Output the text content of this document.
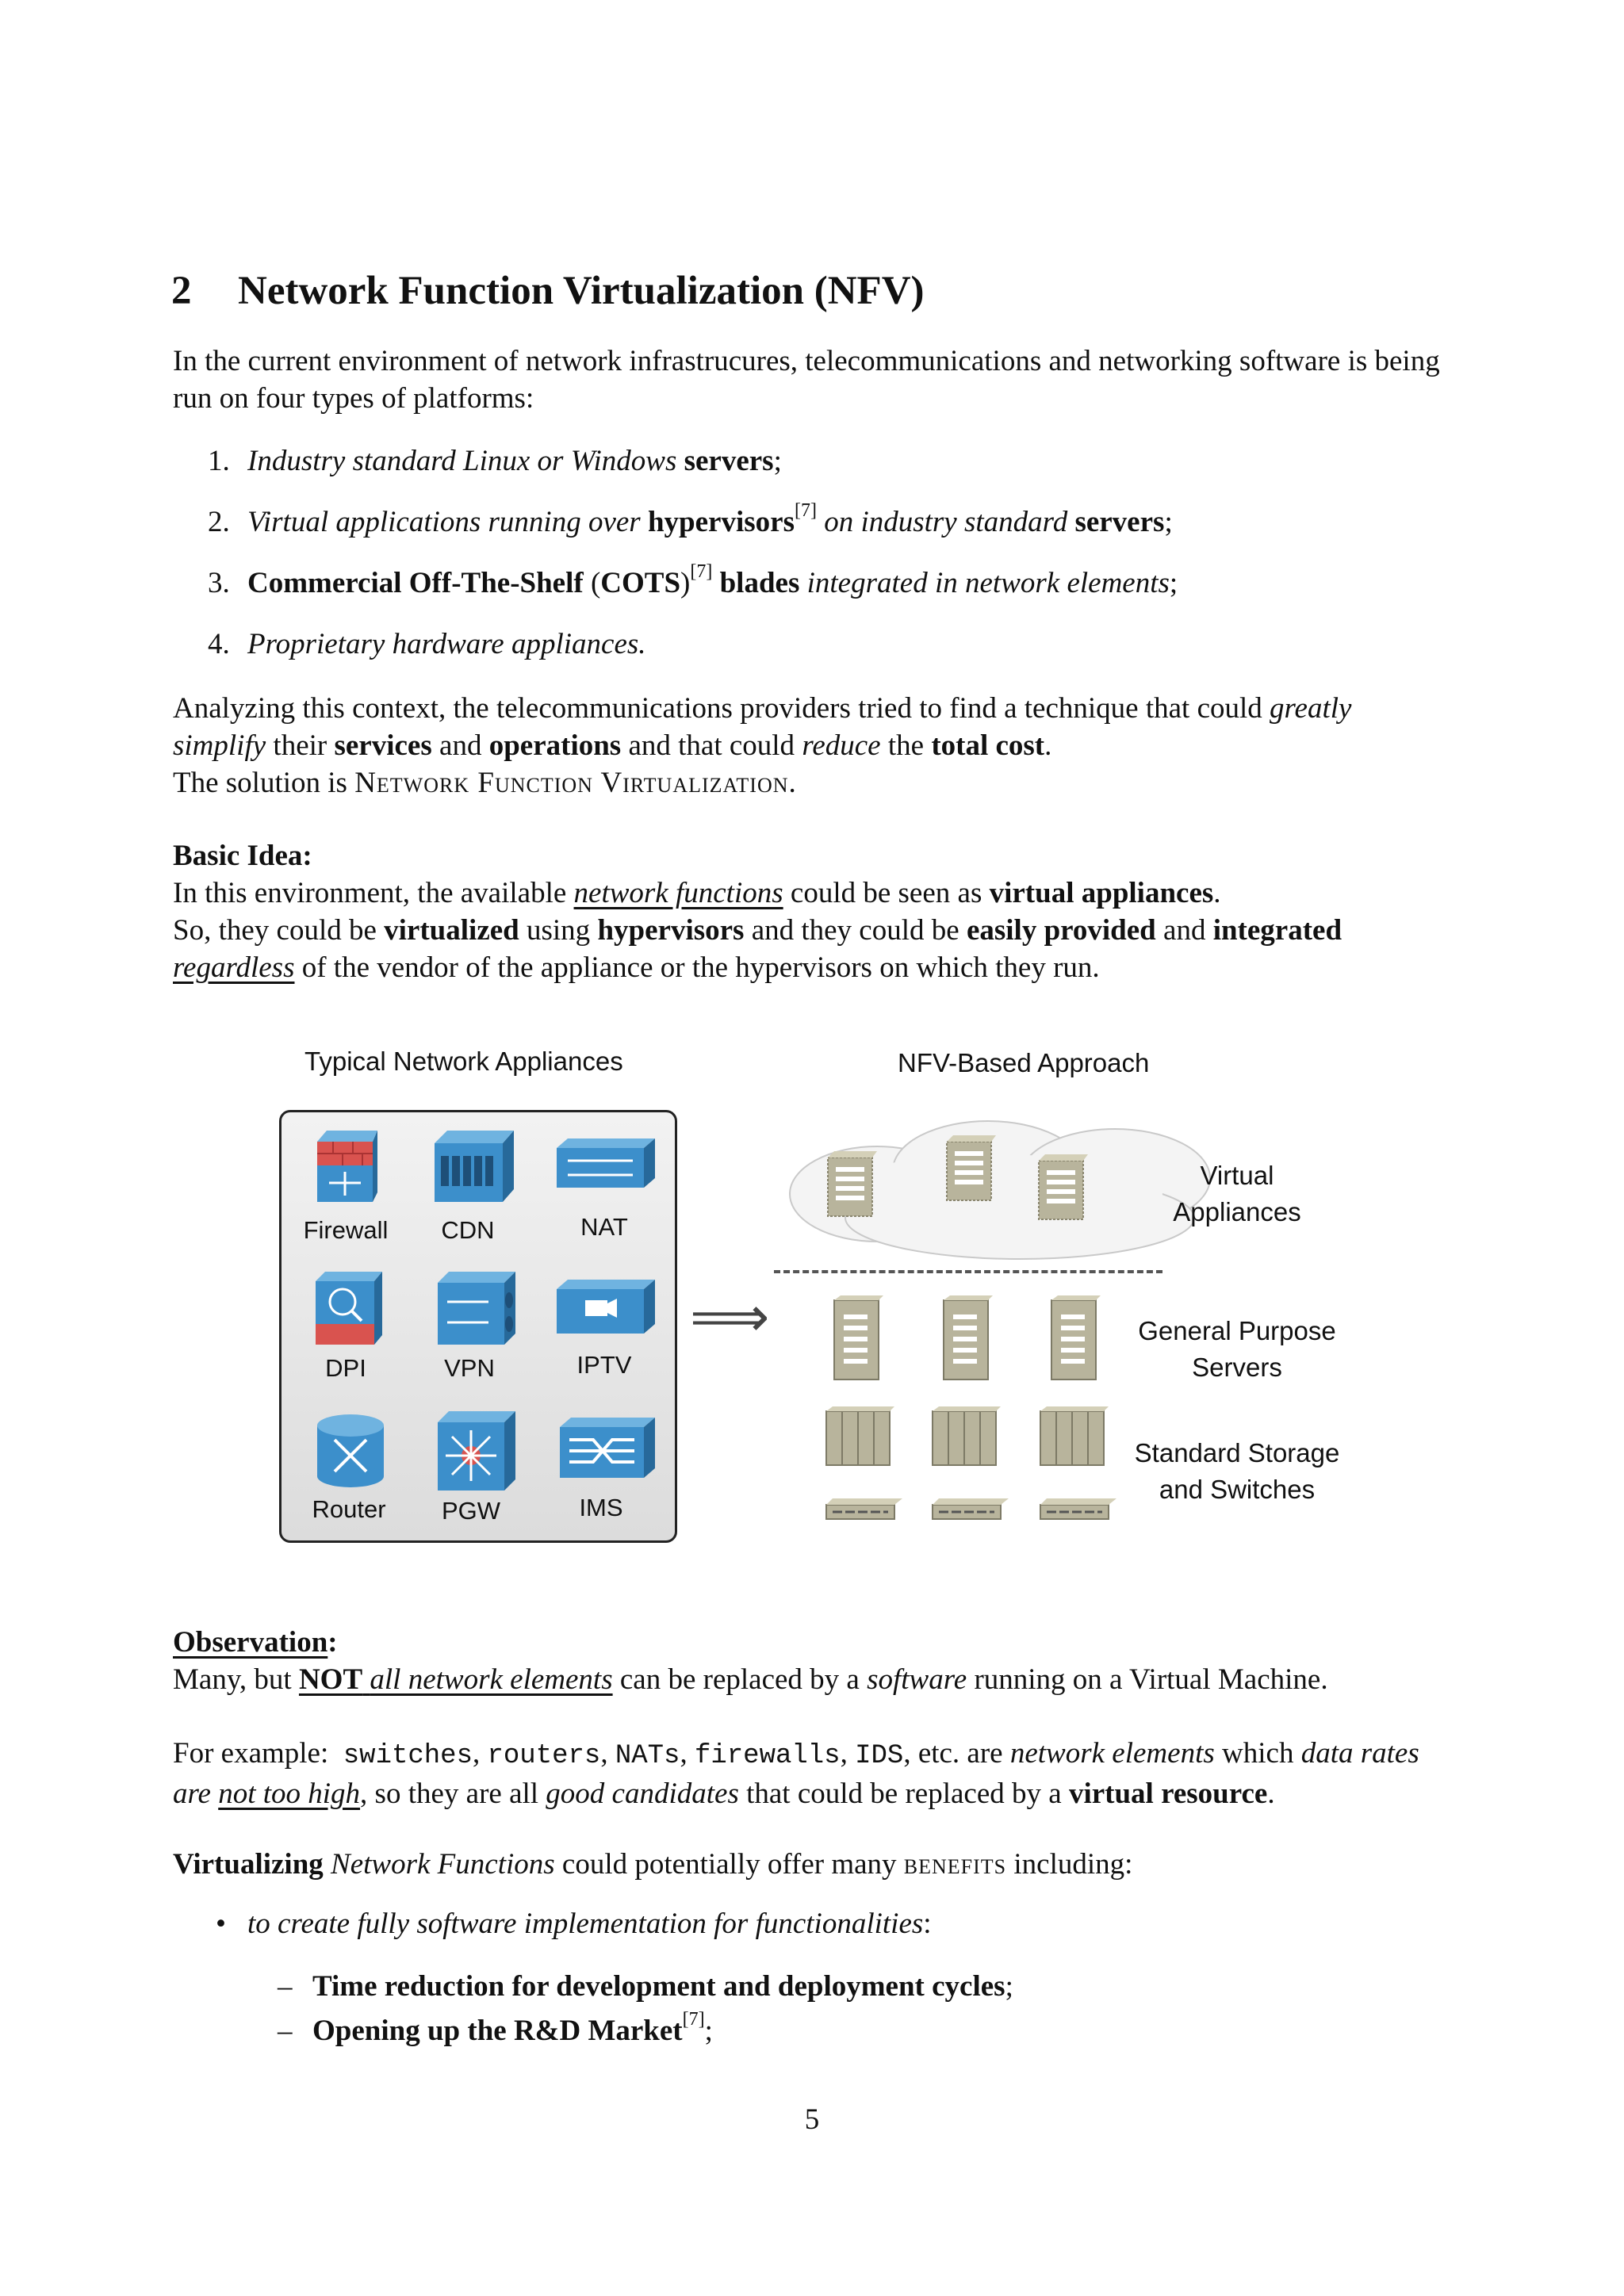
2 Network Function Virtualization (NFV)
In the current environment of network infrastrucures, telecommunications and networking software is being run on four types of platforms:
1. Industry standard Linux or Windows servers;
2. Virtual applications running over hypervisors[7] on industry standard servers;
3. Commercial Off-The-Shelf (COTS)[7] blades integrated in network elements;
4. Proprietary hardware appliances.
Analyzing this context, the telecommunications providers tried to find a technique that could greatly simplify their services and operations and that could reduce the total cost.
The solution is Network Function Virtualization.
Basic Idea:
In this environment, the available network functions could be seen as virtual appliances.
So, they could be virtualized using hypervisors and they could be easily provided and integrated regardless of the vendor of the appliance or the hypervisors on which they run.
Typical Network Appliances	NFV-Based Approach
Firewall	CDN	NAT
DPI	VPN	IPTV
Router	PGW	IMS
⟹
Virtual
Appliances
General Purpose
Servers
Standard Storage
and Switches
Observation:
Many, but NOT all network elements can be replaced by a software running on a Virtual Machine.
For example: switches, routers, NATs, firewalls, IDS, etc. are network elements which data rates are not too high, so they are all good candidates that could be replaced by a virtual resource.
Virtualizing Network Functions could potentially offer many benefits including:
• to create fully software implementation for functionalities:
– Time reduction for development and deployment cycles;
– Opening up the R&D Market[7];
5
